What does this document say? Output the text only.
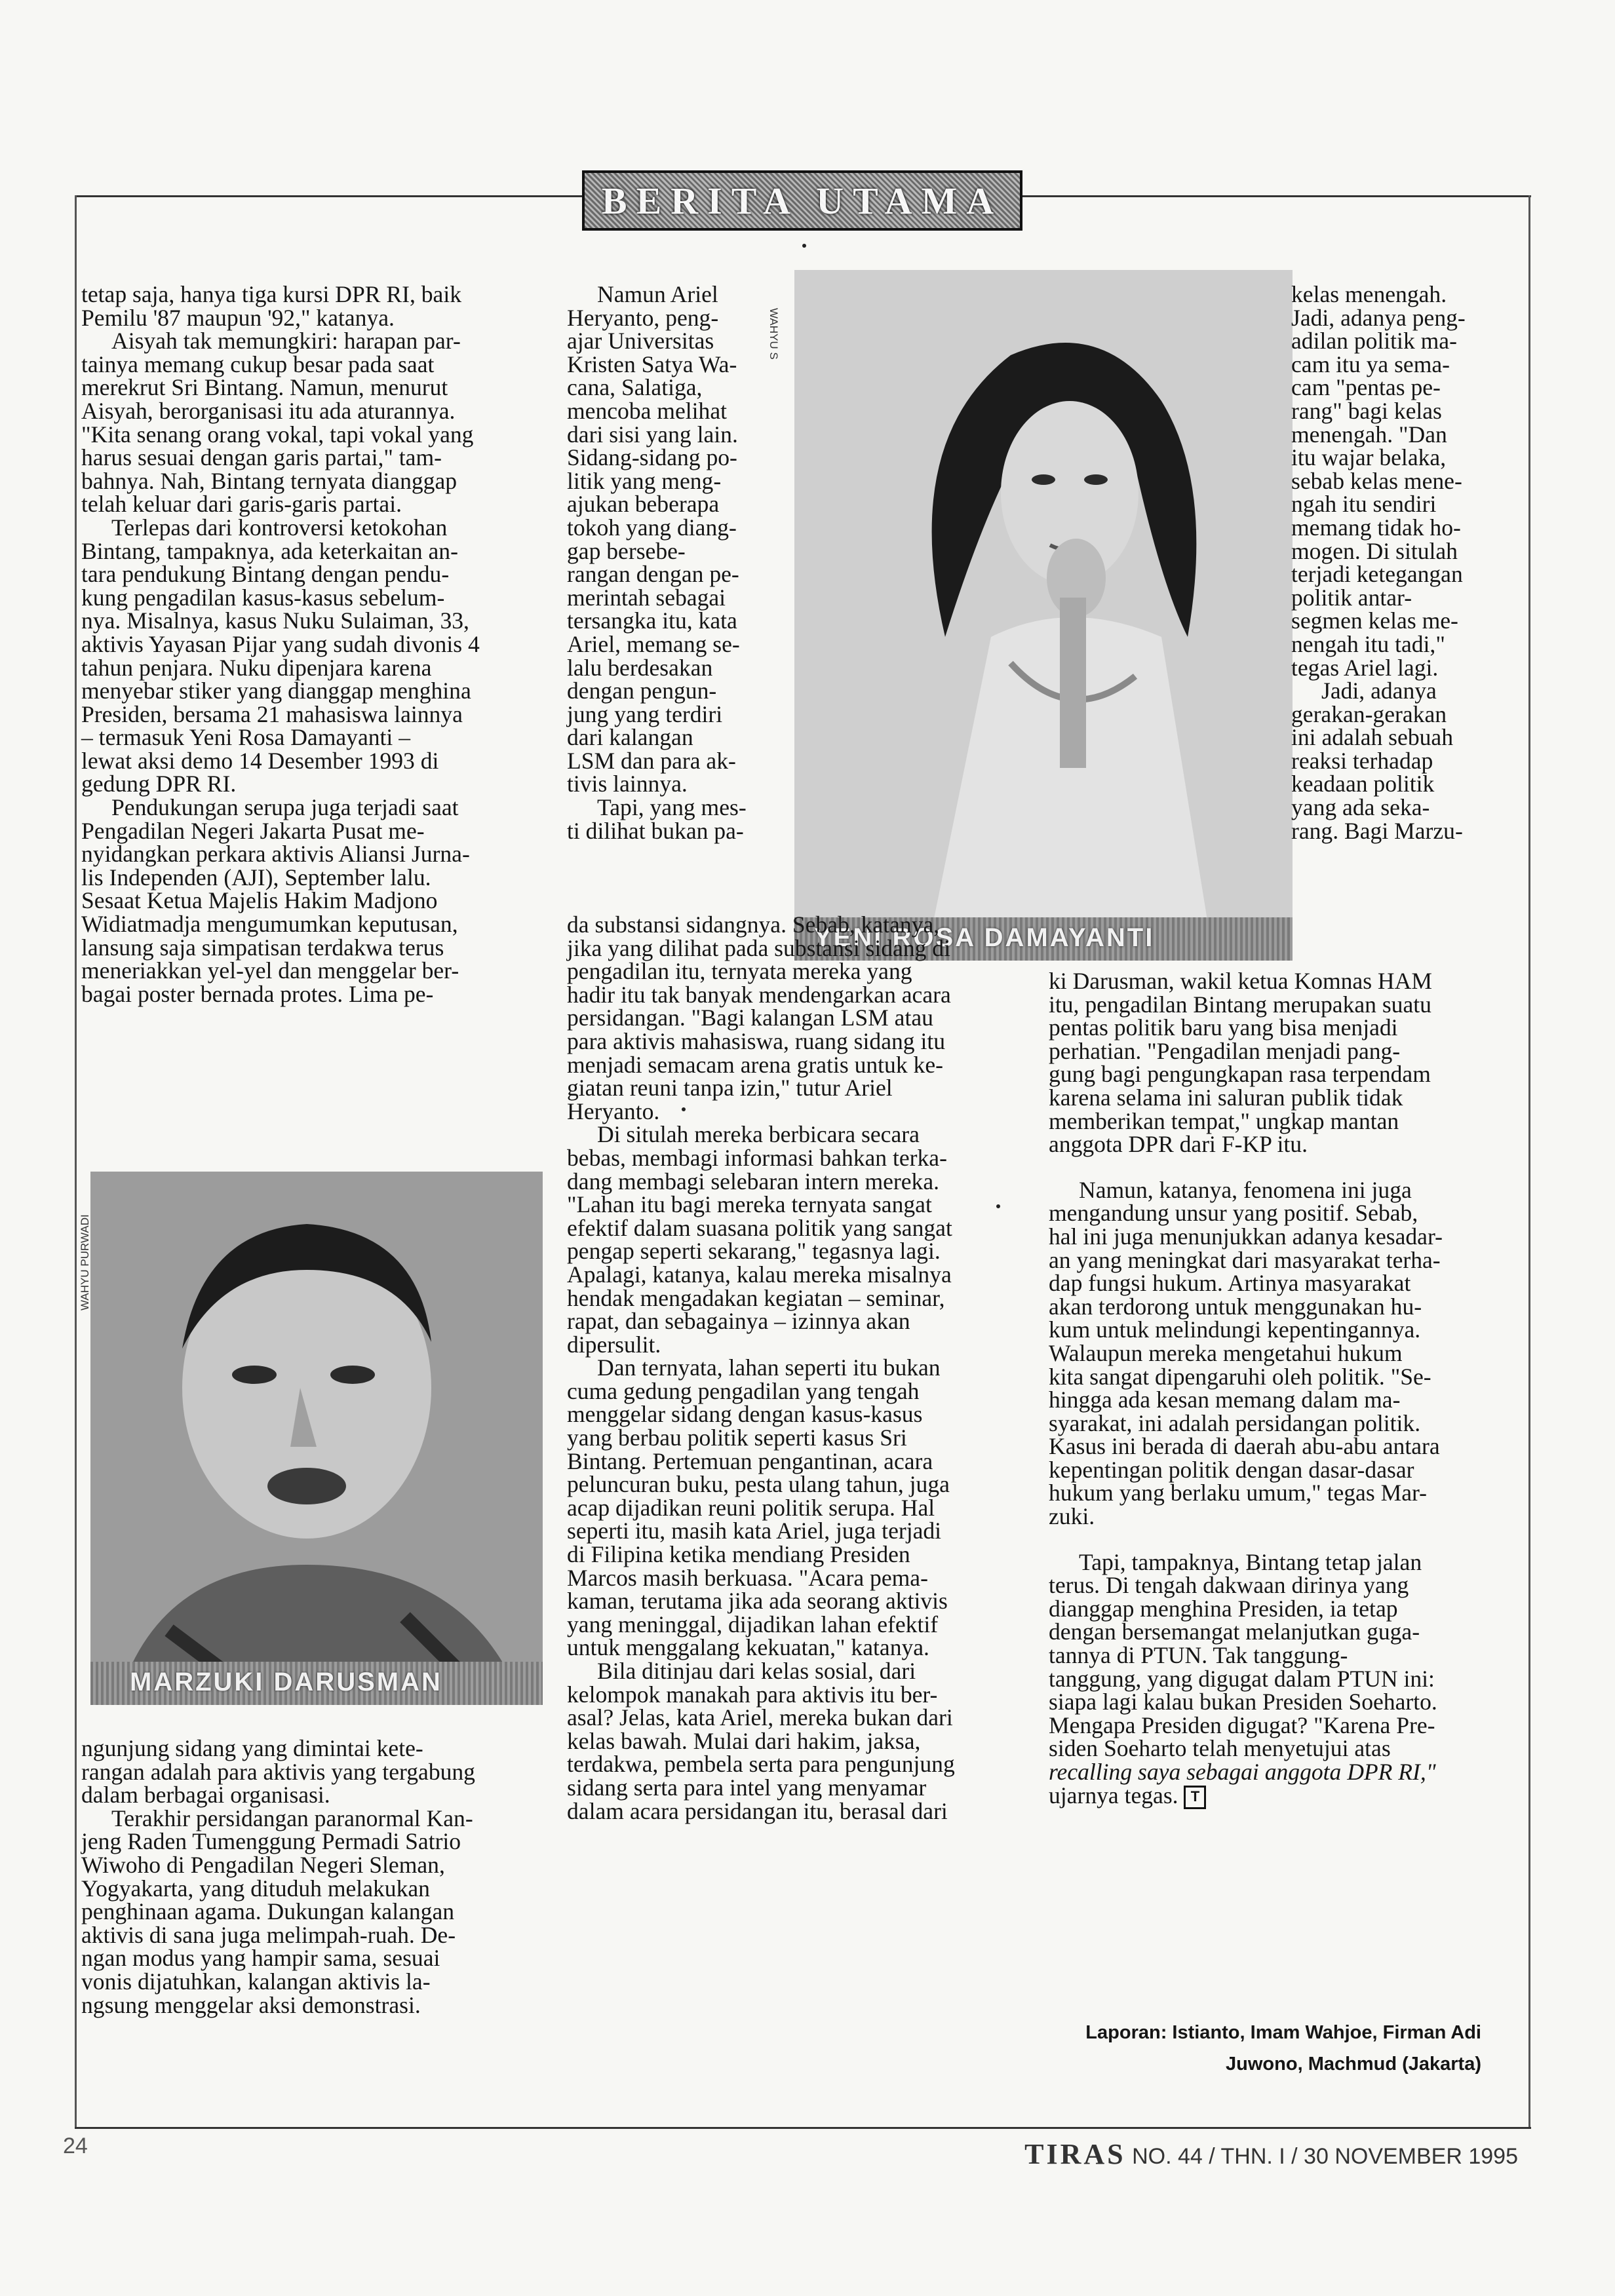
BERITA UTAMA

tetap saja, hanya tiga kursi DPR RI, baik

Pemilu '87 maupun '92," katanya.

Aisyah tak memungkiri: harapan par-

tainya memang cukup besar pada saat

merekrut Sri Bintang. Namun, menurut

Aisyah, berorganisasi itu ada aturannya.

"Kita senang orang vokal, tapi vokal yang

harus sesuai dengan garis partai," tam-

bahnya. Nah, Bintang ternyata dianggap

telah keluar dari garis-garis partai.

Terlepas dari kontroversi ketokohan

Bintang, tampaknya, ada keterkaitan an-

tara pendukung Bintang dengan pendu-

kung pengadilan kasus-kasus sebelum-

nya. Misalnya, kasus Nuku Sulaiman, 33,

aktivis Yayasan Pijar yang sudah divonis 4

tahun penjara. Nuku dipenjara karena

menyebar stiker yang dianggap menghina

Presiden, bersama 21 mahasiswa lainnya

– termasuk Yeni Rosa Damayanti –

lewat aksi demo 14 Desember 1993 di

gedung DPR RI.

Pendukungan serupa juga terjadi saat

Pengadilan Negeri Jakarta Pusat me-

nyidangkan perkara aktivis Aliansi Jurna-

lis Independen (AJI), September lalu.

Sesaat Ketua Majelis Hakim Madjono

Widiatmadja mengumumkan keputusan,

lansung saja simpatisan terdakwa terus

meneriakkan yel-yel dan menggelar ber-

bagai poster bernada protes. Lima pe-

MARZUKI DARUSMAN
WAHYU PURWADI

ngunjung sidang yang dimintai kete-

rangan adalah para aktivis yang tergabung

dalam berbagai organisasi.

Terakhir persidangan paranormal Kan-

jeng Raden Tumenggung Permadi Satrio

Wiwoho di Pengadilan Negeri Sleman,

Yogyakarta, yang dituduh melakukan

penghinaan agama. Dukungan kalangan

aktivis di sana juga melimpah-ruah. De-

ngan modus yang hampir sama, sesuai

vonis dijatuhkan, kalangan aktivis la-

ngsung menggelar aksi demonstrasi.

Namun Ariel

Heryanto, peng-

ajar Universitas

Kristen Satya Wa-

cana, Salatiga,

mencoba melihat

dari sisi yang lain.

Sidang-sidang po-

litik yang meng-

ajukan beberapa

tokoh yang diang-

gap bersebe-

rangan dengan pe-

merintah sebagai

tersangka itu, kata

Ariel, memang se-

lalu berdesakan

dengan pengun-

jung yang terdiri

dari kalangan

LSM dan para ak-

tivis lainnya.

Tapi, yang mes-

ti dilihat bukan pa-

YENI ROSA DAMAYANTI
WAHYU S

kelas menengah.

Jadi, adanya peng-

adilan politik ma-

cam itu ya sema-

cam "pentas pe-

rang" bagi kelas

menengah. "Dan

itu wajar belaka,

sebab kelas mene-

ngah itu sendiri

memang tidak ho-

mogen. Di situlah

terjadi ketegangan

politik antar-

segmen kelas me-

nengah itu tadi,"

tegas Ariel lagi.

Jadi, adanya

gerakan-gerakan

ini adalah sebuah

reaksi terhadap

keadaan politik

yang ada seka-

rang. Bagi Marzu-

da substansi sidangnya. Sebab, katanya,

jika yang dilihat pada substansi sidang di

pengadilan itu, ternyata mereka yang

hadir itu tak banyak mendengarkan acara

persidangan. "Bagi kalangan LSM atau

para aktivis mahasiswa, ruang sidang itu

menjadi semacam arena gratis untuk ke-

giatan reuni tanpa izin," tutur Ariel

Heryanto.

Di situlah mereka berbicara secara

bebas, membagi informasi bahkan terka-

dang membagi selebaran intern mereka.

"Lahan itu bagi mereka ternyata sangat

efektif dalam suasana politik yang sangat

pengap seperti sekarang," tegasnya lagi.

Apalagi, katanya, kalau mereka misalnya

hendak mengadakan kegiatan – seminar,

rapat, dan sebagainya – izinnya akan

dipersulit.

Dan ternyata, lahan seperti itu bukan

cuma gedung pengadilan yang tengah

menggelar sidang dengan kasus-kasus

yang berbau politik seperti kasus Sri

Bintang. Pertemuan pengantinan, acara

peluncuran buku, pesta ulang tahun, juga

acap dijadikan reuni politik serupa. Hal

seperti itu, masih kata Ariel, juga terjadi

di Filipina ketika mendiang Presiden

Marcos masih berkuasa. "Acara pema-

kaman, terutama jika ada seorang aktivis

yang meninggal, dijadikan lahan efektif

untuk menggalang kekuatan," katanya.

Bila ditinjau dari kelas sosial, dari

kelompok manakah para aktivis itu ber-

asal? Jelas, kata Ariel, mereka bukan dari

kelas bawah. Mulai dari hakim, jaksa,

terdakwa, pembela serta para pengunjung

sidang serta para intel yang menyamar

dalam acara persidangan itu, berasal dari

ki Darusman, wakil ketua Komnas HAM

itu, pengadilan Bintang merupakan suatu

pentas politik baru yang bisa menjadi

perhatian. "Pengadilan menjadi pang-

gung bagi pengungkapan rasa terpendam

karena selama ini saluran publik tidak

memberikan tempat," ungkap mantan

anggota DPR dari F-KP itu.

Namun, katanya, fenomena ini juga

mengandung unsur yang positif. Sebab,

hal ini juga menunjukkan adanya kesadar-

an yang meningkat dari masyarakat terha-

dap fungsi hukum. Artinya masyarakat

akan terdorong untuk menggunakan hu-

kum untuk melindungi kepentingannya.

Walaupun mereka mengetahui hukum

kita sangat dipengaruhi oleh politik. "Se-

hingga ada kesan memang dalam ma-

syarakat, ini adalah persidangan politik.

Kasus ini berada di daerah abu-abu antara

kepentingan politik dengan dasar-dasar

hukum yang berlaku umum," tegas Mar-

zuki.

Tapi, tampaknya, Bintang tetap jalan

terus. Di tengah dakwaan dirinya yang

dianggap menghina Presiden, ia tetap

dengan bersemangat melanjutkan guga-

tannya di PTUN. Tak tanggung-

tanggung, yang digugat dalam PTUN ini:

siapa lagi kalau bukan Presiden Soeharto.

Mengapa Presiden digugat? "Karena Pre-

siden Soeharto telah menyetujui atas

recalling saya sebagai anggota DPR RI,"

ujarnya tegas. T

Laporan: Istianto, Imam Wahjoe, Firman Adi
Juwono, Machmud (Jakarta)
24	TIRAS NO. 44 / THN. I / 30 NOVEMBER 1995
